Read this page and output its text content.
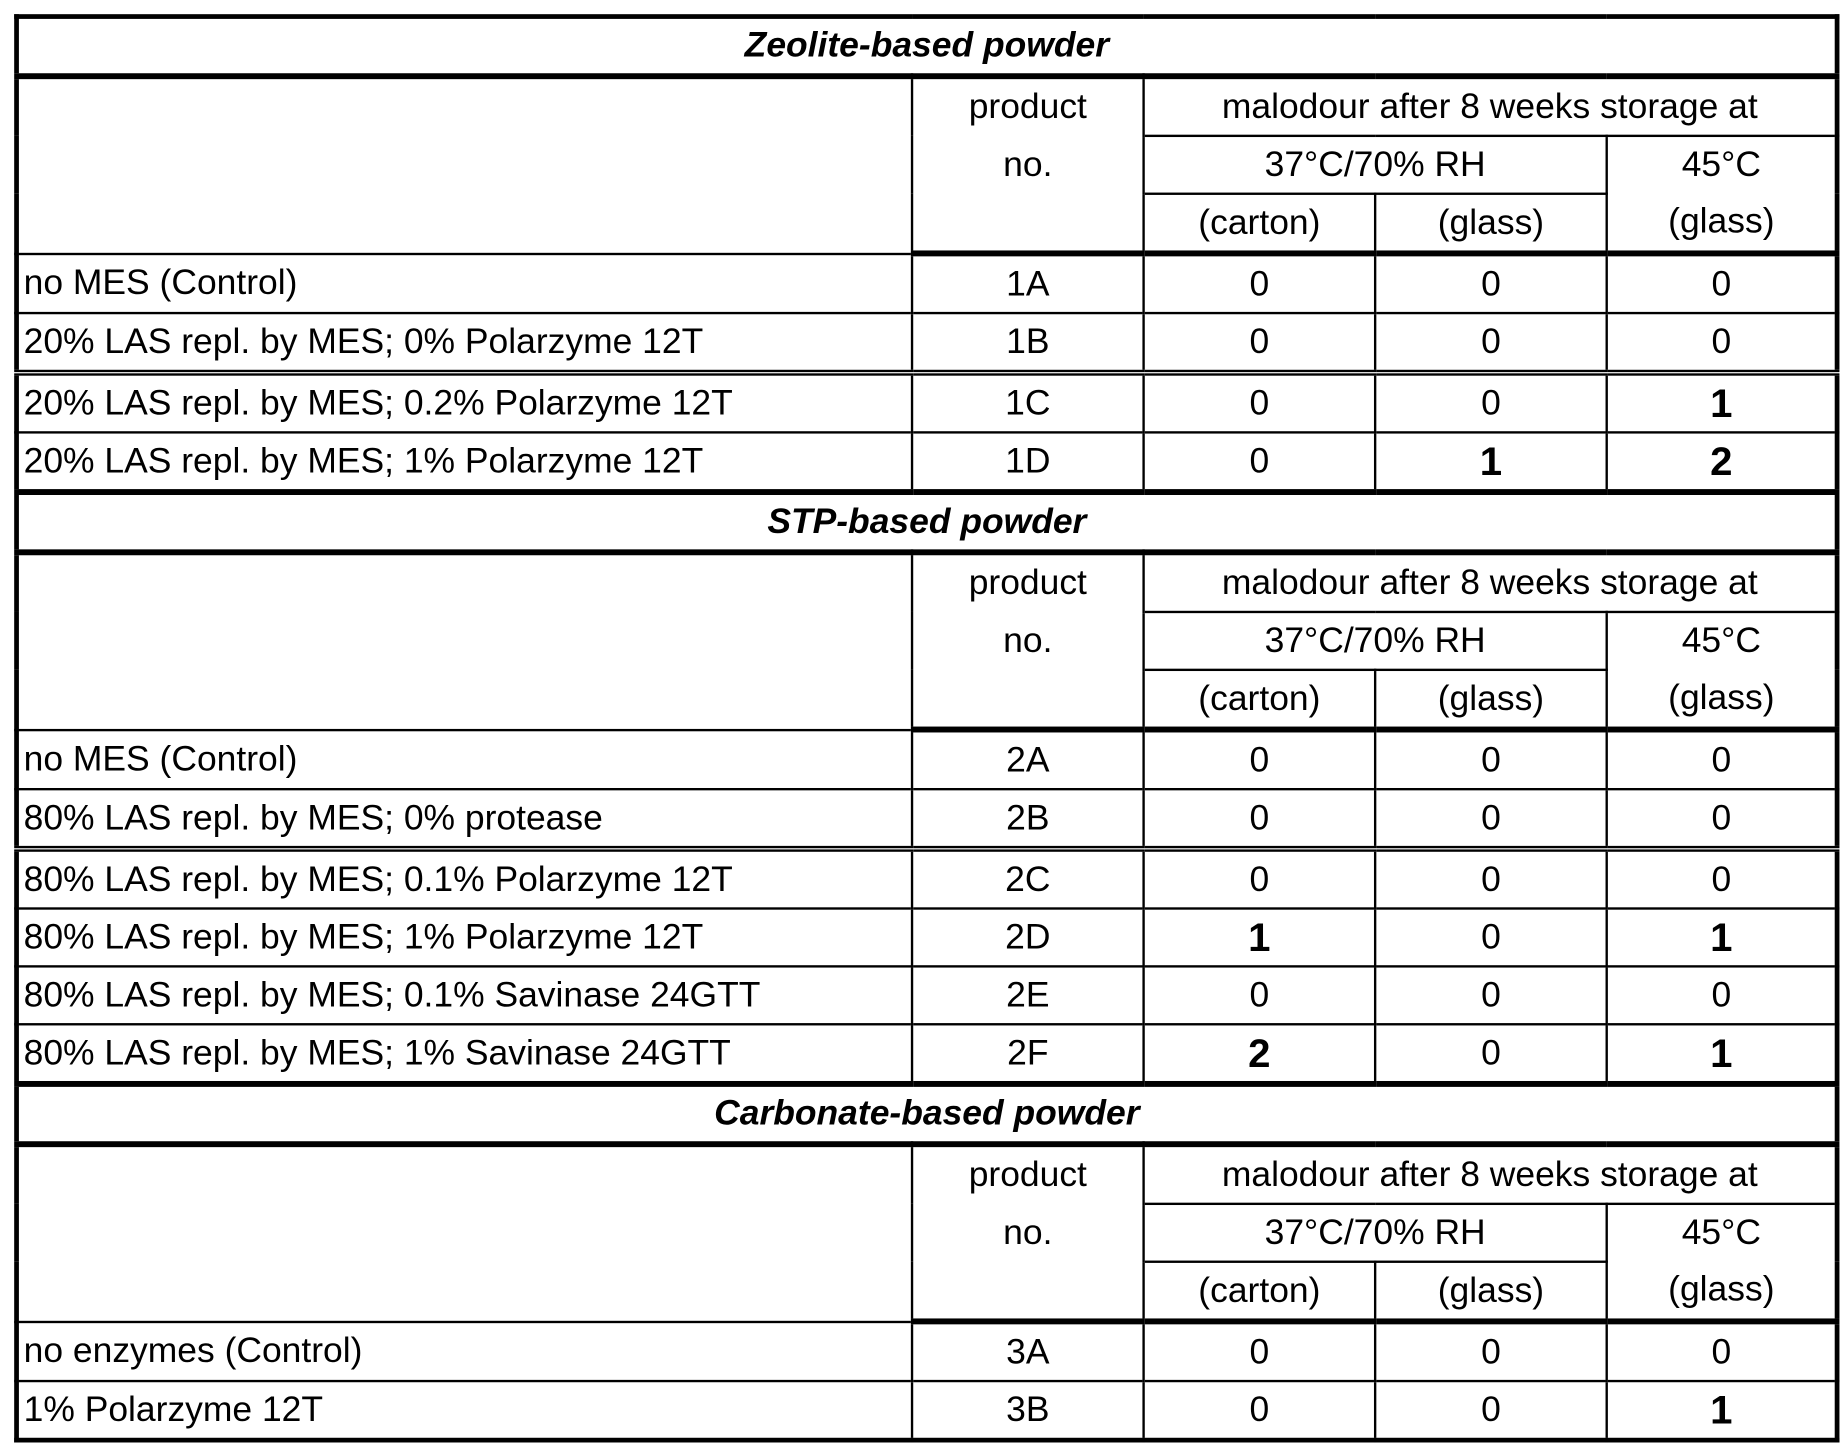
Zeolite-based powder
	product	malodour after 8 weeks storage at
no.	37°C/70% RH	45°C
	(carton)	(glass)	(glass)
no MES (Control)	1A	0	0	0
20% LAS repl. by MES; 0% Polarzyme 12T	1B	0	0	0
20% LAS repl. by MES; 0.2% Polarzyme 12T	1C	0	0	1
20% LAS repl. by MES; 1% Polarzyme 12T	1D	0	1	2
STP-based powder
	product	malodour after 8 weeks storage at
no.	37°C/70% RH	45°C
	(carton)	(glass)	(glass)
no MES (Control)	2A	0	0	0
80% LAS repl. by MES; 0% protease	2B	0	0	0
80% LAS repl. by MES; 0.1% Polarzyme 12T	2C	0	0	0
80% LAS repl. by MES; 1% Polarzyme 12T	2D	1	0	1
80% LAS repl. by MES; 0.1% Savinase 24GTT	2E	0	0	0
80% LAS repl. by MES; 1% Savinase 24GTT	2F	2	0	1
Carbonate-based powder
	product	malodour after 8 weeks storage at
no.	37°C/70% RH	45°C
	(carton)	(glass)	(glass)
no enzymes (Control)	3A	0	0	0
1% Polarzyme 12T	3B	0	0	1
